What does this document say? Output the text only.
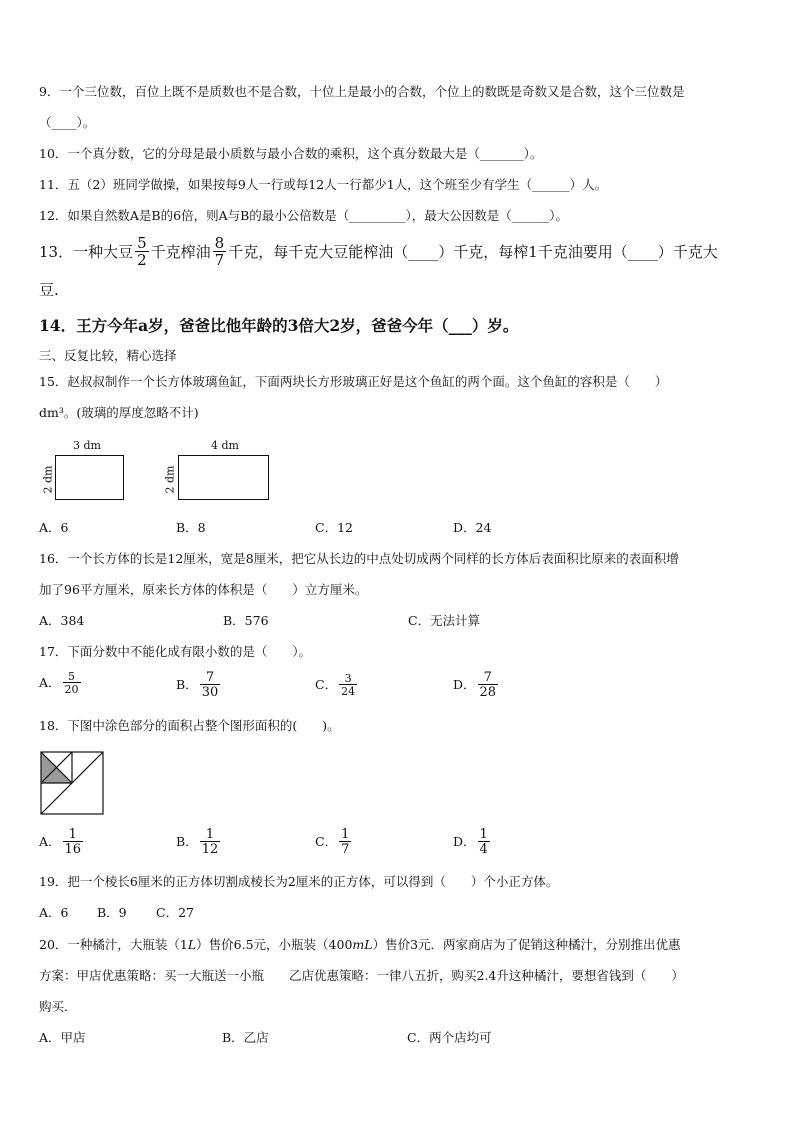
9．一个三位数，百位上既不是质数也不是合数，十位上是最小的合数，个位上的数既是奇数又是合数，这个三位数是
（____）。
10．一个真分数，它的分母是最小质数与最小合数的乘积，这个真分数最大是（_______）。
11．五（2）班同学做操，如果按每9人一行或每12人一行都少1人，这个班至少有学生（______）人。
12．如果自然数A是B的6倍，则A与B的最小公倍数是（_________），最大公因数是（______）。
13．一种大豆 $\frac{5}{2}$ 千克榨油 $\frac{8}{7}$ 千克，每千克大豆能榨油（____）千克，每榨1千克油要用（____）千克大
豆.
14．王方今年a岁，爸爸比他年龄的3倍大2岁，爸爸今年（___）岁。
三、反复比较，精心选择
15．赵叔叔制作一个长方体玻璃鱼缸，下面两块长方形玻璃正好是这个鱼缸的两个面。这个鱼缸的容积是（　　）
dm³。(玻璃的厚度忽略不计)
3 dm
2 dm
4 dm
2 dm
A．6	B．8	C．12	D．24
16．一个长方体的长是12厘米，宽是8厘米，把它从长边的中点处切成两个同样的长方体后表面积比原来的表面积增
加了96平方厘米，原来长方体的体积是（　　）立方厘米。
A．384	B．576	C．无法计算
17．下面分数中不能化成有限小数的是（　　）。
A． $\frac{5}{20}$	B． $\frac{7}{30}$	C． $\frac{3}{24}$	D． $\frac{7}{28}$
18．下图中涂色部分的面积占整个图形面积的(　　)。
A． $\frac{1}{16}$	B． $\frac{1}{12}$	C． $\frac{1}{7}$	D． $\frac{1}{4}$
19．把一个棱长6厘米的正方体切割成棱长为2厘米的正方体，可以得到（　　）个小正方体。
A．6 B．9 C．27
20．一种橘汁，大瓶装（1L）售价6.5元，小瓶装（400mL）售价3元．两家商店为了促销这种橘汁，分别推出优惠
方案：甲店优惠策略：买一大瓶送一小瓶　　乙店优惠策略：一律八五折，购买2.4升这种橘汁，要想省钱到（　　）
购买.
A．甲店	B．乙店	C．两个店均可
